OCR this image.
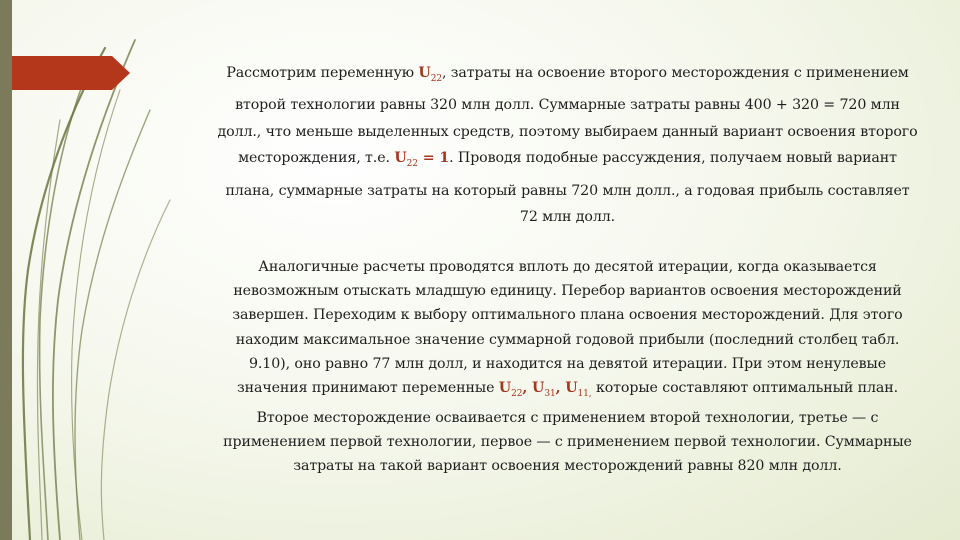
Рассмотрим переменную $U_{22}$, затраты на освоение второго месторождения с применением второй технологии равны 320 млн долл. Суммарные затраты равны 400 + 320 = 720 млн долл., что меньше выделенных средств, поэтому выбираем данный вариант освоения второго месторождения, т.е. $U_{22} = 1$. Проводя подобные рассуждения, получаем новый вариант плана, суммарные затраты на который равны 720 млн долл., а годовая прибыль составляет 72 млн долл.

Аналогичные расчеты проводятся вплоть до десятой итерации, когда оказывается невозможным отыскать младшую единицу. Перебор вариантов освоения месторождений завершен. Переходим к выбору оптимального плана освоения месторождений. Для этого находим максимальное значение суммарной годовой прибыли (последний столбец табл. 9.10), оно равно 77 млн долл, и находится на девятой итерации. При этом ненулевые значения принимают переменные $U_{22}$, $U_{31}$, $U_{11,}$ которые составляют оптимальный план. Второе месторождение осваивается с применением второй технологии, третье — с применением первой технологии, первое — с применением первой технологии. Суммарные затраты на такой вариант освоения месторождений равны 820 млн долл.
